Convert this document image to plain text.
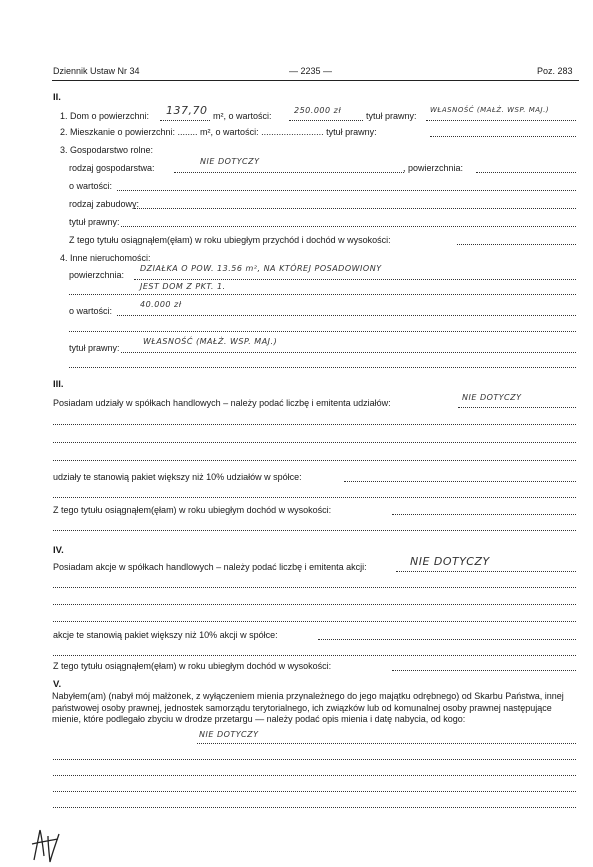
Dziennik Ustaw Nr 34	— 2235 —	Poz. 283
II.
1. Dom o powierzchni: 137,70 m², o wartości:
250.000 zł
tytuł prawny:
WŁASNOŚĆ (MAŁŻ. WSP. MAJ.)
2. Mieszkanie o powierzchni: ........ m², o wartości: ......................... tytuł prawny:
3. Gospodarstwo rolne:
rodzaj gospodarstwa:
NIE DOTYCZY
, powierzchnia:
o wartości:
rodzaj zabudowy:
tytuł prawny:
Z tego tytułu osiągnąłem(ęłam) w roku ubiegłym przychód i dochód w wysokości:
4. Inne nieruchomości:
powierzchnia:
DZIAŁKA O POW. 13.56 m², NA KTÓREJ POSADOWIONY
JEST DOM Z PKT. 1.
o wartości:
40.000 zł
tytuł prawny:
WŁASNOŚĆ (MAŁŻ. WSP. MAJ.)
III.
Posiadam udziały w spółkach handlowych – należy podać liczbę i emitenta udziałów:
NIE DOTYCZY
udziały te stanowią pakiet większy niż 10% udziałów w spółce:
Z tego tytułu osiągnąłem(ęłam) w roku ubiegłym dochód w wysokości:
IV.
Posiadam akcje w spółkach handlowych – należy podać liczbę i emitenta akcji:	NIE DOTYCZY
akcje te stanowią pakiet większy niż 10% akcji w spółce:
Z tego tytułu osiągnąłem(ęłam) w roku ubiegłym dochód w wysokości:
V.
Nabyłem(am) (nabył mój małżonek, z wyłączeniem mienia przynależnego do jego majątku odrębnego) od Skarbu Państwa, innej państwowej osoby prawnej, jednostek samorządu terytorialnego, ich związków lub od komunalnej osoby prawnej następujące mienie, które podlegało zbyciu w drodze przetargu — należy podać opis mienia i datę nabycia, od kogo:
NIE DOTYCZY
